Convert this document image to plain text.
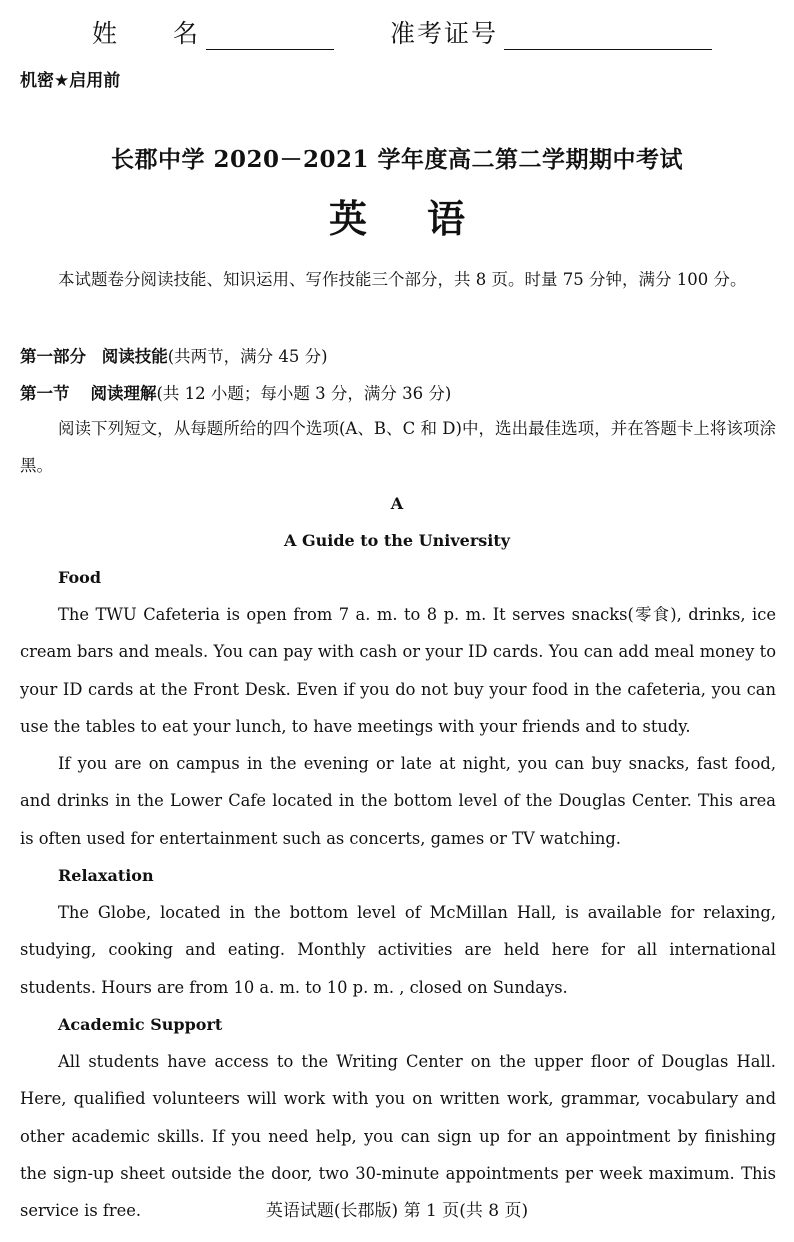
姓　　名	准考证号
机密★启用前
长郡中学 2020－2021 学年度高二第二学期期中考试
英语
本试题卷分阅读技能、知识运用、写作技能三个部分，共 8 页。时量 75 分钟，满分 100 分。
第一部分 阅读技能(共两节，满分 45 分)
第一节 阅读理解(共 12 小题；每小题 3 分，满分 36 分)
阅读下列短文，从每题所给的四个选项(A、B、C 和 D)中，选出最佳选项，并在答题卡上将该项涂黑。
A
A Guide to the University
Food
The TWU Cafeteria is open from 7 a. m. to 8 p. m. It serves snacks(零食), drinks, ice cream bars and meals. You can pay with cash or your ID cards. You can add meal money to your ID cards at the Front Desk. Even if you do not buy your food in the cafeteria, you can use the tables to eat your lunch, to have meetings with your friends and to study.
If you are on campus in the evening or late at night, you can buy snacks, fast food, and drinks in the Lower Cafe located in the bottom level of the Douglas Center. This area is often used for entertainment such as concerts, games or TV watching.
Relaxation
The Globe, located in the bottom level of McMillan Hall, is available for relaxing, studying, cooking and eating. Monthly activities are held here for all international students. Hours are from 10 a. m. to 10 p. m. , closed on Sundays.
Academic Support
All students have access to the Writing Center on the upper floor of Douglas Hall. Here, qualified volunteers will work with you on written work, grammar, vocabulary and other academic skills. If you need help, you can sign up for an appointment by finishing the sign-up sheet outside the door, two 30-minute appointments per week maximum. This service is free.	英语试题(长郡版) 第 1 页(共 8 页)
